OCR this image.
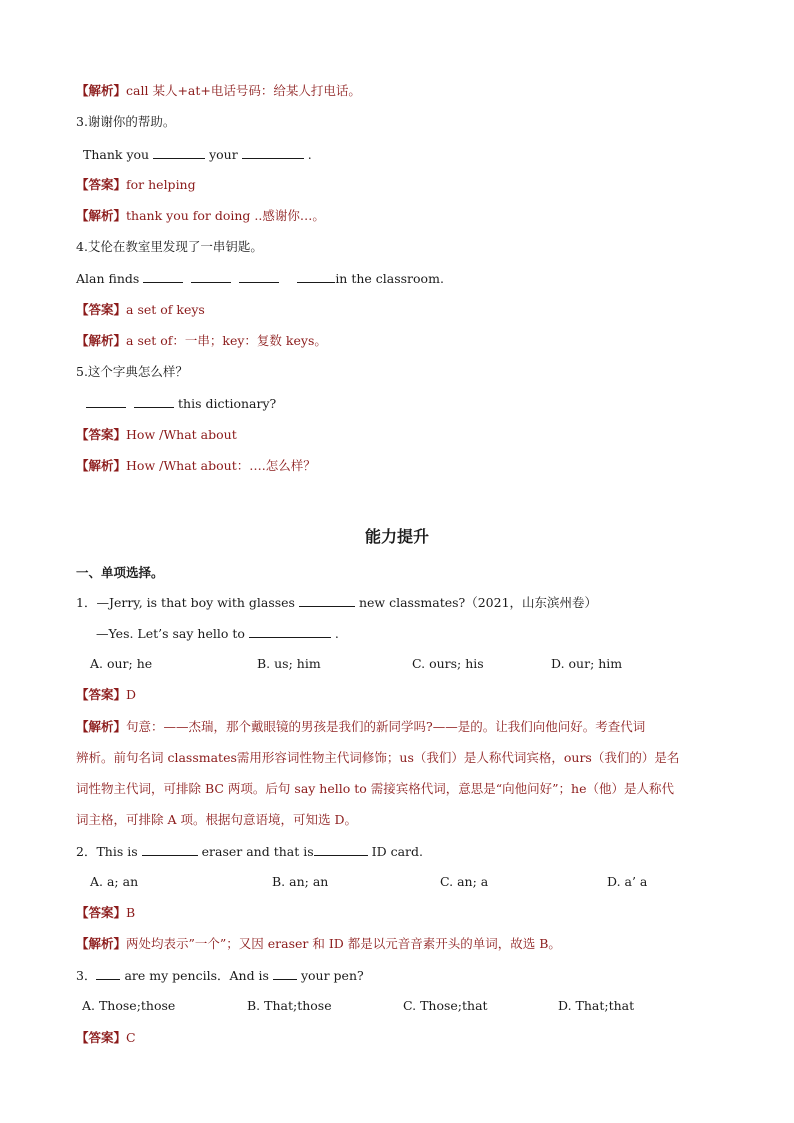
【解析】call 某人+at+电话号码：给某人打电话。
3.谢谢你的帮助。
Thank you	your	.
【答案】for helping
【解析】thank you for doing ..感谢你…。
4.艾伦在教室里发现了一串钥匙。
Alan finds	in the classroom.
【答案】a set of keys
【解析】a set of：一串；key：复数 keys。
5.这个字典怎么样？
this dictionary?
【答案】How /What about
【解析】How /What about：….怎么样？
能力提升
一、单项选择。
1．—Jerry, is that boy with glasses	new classmates?（2021，山东滨州卷）
—Yes. Let’s say hello to	.
A. our; he	B. us; him	C. ours; his	D. our; him
【答案】D
【解析】句意：——杰瑞，那个戴眼镜的男孩是我们的新同学吗?——是的。让我们向他问好。考查代词
辨析。前句名词 classmates需用形容词性物主代词修饰；us（我们）是人称代词宾格，ours（我们的）是名
词性物主代词，可排除 BC 两项。后句 say hello to 需接宾格代词，意思是“向他问好”；he（他）是人称代
词主格，可排除 A 项。根据句意语境，可知选 D。
2．This is	eraser and that is	ID card.
A. a; an	B. an; an	C. an; a	D. a’ a
【答案】B
【解析】两处均表示”一个”；又因 eraser 和 ID 都是以元音音素开头的单词，故选 B。
3． are my pencils．And is	your pen?
A. Those;those	B. That;those	C. Those;that	D. That;that
【答案】C
